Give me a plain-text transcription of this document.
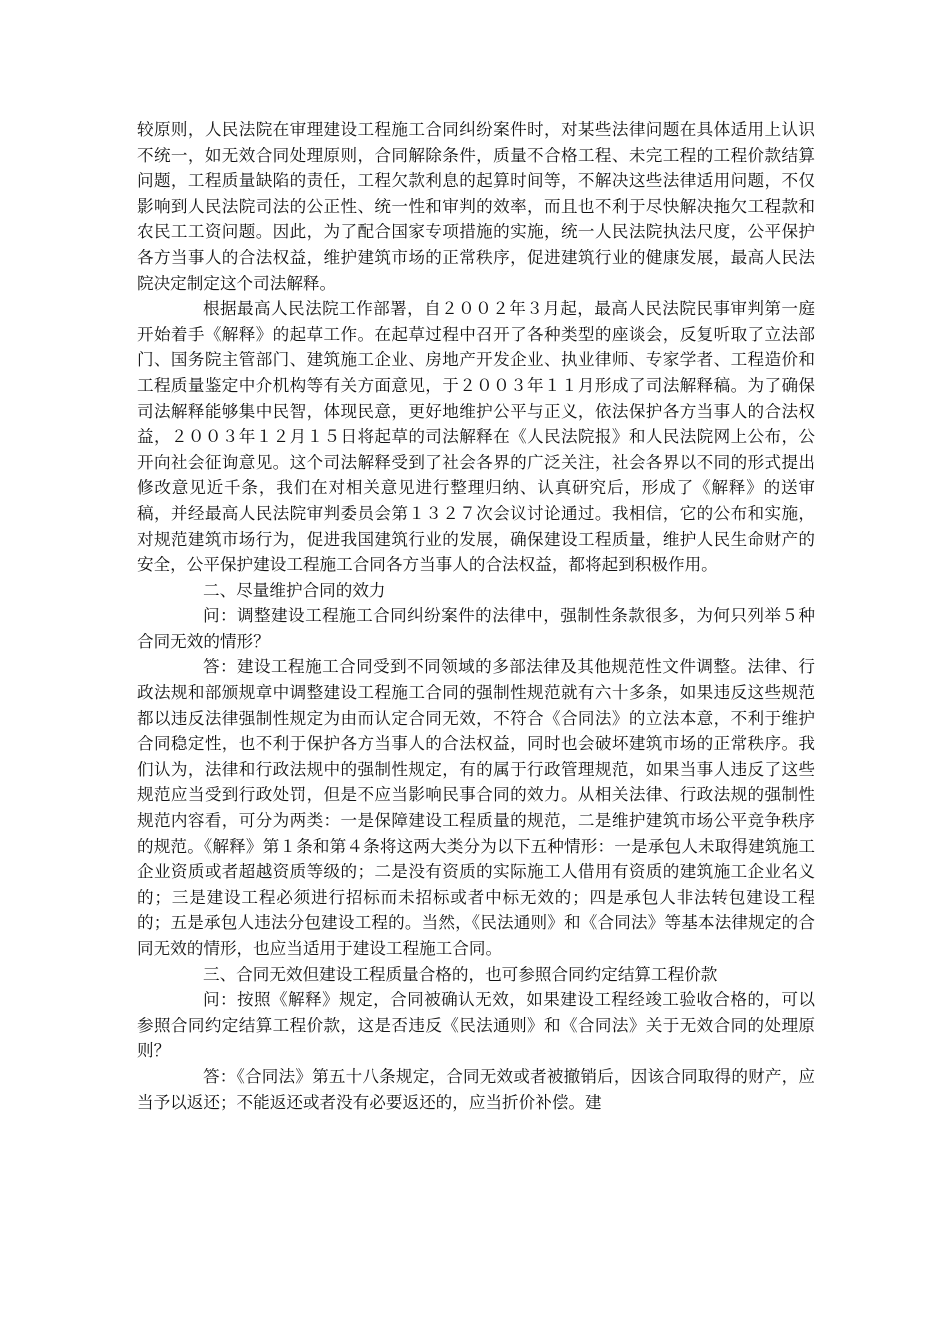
较原则，人民法院在审理建设工程施工合同纠纷案件时，对某些法律问题在具体适用上认识不统一，如无效合同处理原则，合同解除条件，质量不合格工程、未完工程的工程价款结算问题，工程质量缺陷的责任，工程欠款利息的起算时间等，不解决这些法律适用问题，不仅影响到人民法院司法的公正性、统一性和审判的效率，而且也不利于尽快解决拖欠工程款和农民工工资问题。因此，为了配合国家专项措施的实施，统一人民法院执法尺度，公平保护各方当事人的合法权益，维护建筑市场的正常秩序，促进建筑行业的健康发展，最高人民法院决定制定这个司法解释。

根据最高人民法院工作部署，自２００２年３月起，最高人民法院民事审判第一庭开始着手《解释》的起草工作。在起草过程中召开了各种类型的座谈会，反复听取了立法部门、国务院主管部门、建筑施工企业、房地产开发企业、执业律师、专家学者、工程造价和工程质量鉴定中介机构等有关方面意见，于２００３年１１月形成了司法解释稿。为了确保司法解释能够集中民智，体现民意，更好地维护公平与正义，依法保护各方当事人的合法权益，２００３年１２月１５日将起草的司法解释在《人民法院报》和人民法院网上公布，公开向社会征询意见。这个司法解释受到了社会各界的广泛关注，社会各界以不同的形式提出修改意见近千条，我们在对相关意见进行整理归纳、认真研究后，形成了《解释》的送审稿，并经最高人民法院审判委员会第１３２７次会议讨论通过。我相信，它的公布和实施，对规范建筑市场行为，促进我国建筑行业的发展，确保建设工程质量，维护人民生命财产的安全，公平保护建设工程施工合同各方当事人的合法权益，都将起到积极作用。

二、尽量维护合同的效力

问：调整建设工程施工合同纠纷案件的法律中，强制性条款很多，为何只列举５种合同无效的情形？

答：建设工程施工合同受到不同领域的多部法律及其他规范性文件调整。法律、行政法规和部颁规章中调整建设工程施工合同的强制性规范就有六十多条，如果违反这些规范都以违反法律强制性规定为由而认定合同无效，不符合《合同法》的立法本意，不利于维护合同稳定性，也不利于保护各方当事人的合法权益，同时也会破坏建筑市场的正常秩序。我们认为，法律和行政法规中的强制性规定，有的属于行政管理规范，如果当事人违反了这些规范应当受到行政处罚，但是不应当影响民事合同的效力。从相关法律、行政法规的强制性规范内容看，可分为两类：一是保障建设工程质量的规范，二是维护建筑市场公平竞争秩序的规范。《解释》第１条和第４条将这两大类分为以下五种情形：一是承包人未取得建筑施工企业资质或者超越资质等级的；二是没有资质的实际施工人借用有资质的建筑施工企业名义的；三是建设工程必须进行招标而未招标或者中标无效的；四是承包人非法转包建设工程的；五是承包人违法分包建设工程的。当然，《民法通则》和《合同法》等基本法律规定的合同无效的情形，也应当适用于建设工程施工合同。

三、合同无效但建设工程质量合格的，也可参照合同约定结算工程价款

问：按照《解释》规定，合同被确认无效，如果建设工程经竣工验收合格的，可以参照合同约定结算工程价款，这是否违反《民法通则》和《合同法》关于无效合同的处理原则？

答：《合同法》第五十八条规定，合同无效或者被撤销后，因该合同取得的财产，应当予以返还；不能返还或者没有必要返还的，应当折价补偿。建
